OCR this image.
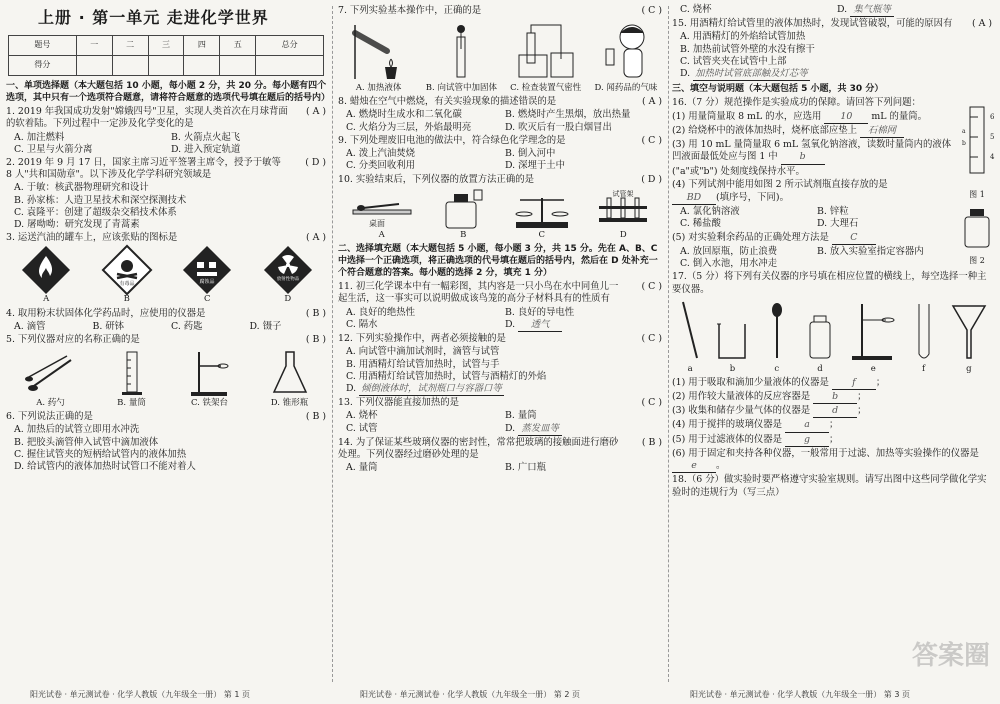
上册 · 第一单元 走进化学世界
题号	一	二	三	四	五	总分
得分						
一、单项选择题（本大题包括 10 小题，每小题 2 分，共 20 分。每小题有四个选项，其中只有一个选项符合题意，请将符合题意的选项代号填在题后的括号内）
1. 2019 年我国成功发射"嫦娥四号"卫星，实现人类首次在月球背面的软着陆。下列过程中一定涉及化学变化的是
( A )
A. 加注燃料	B. 火箭点火起飞
C. 卫星与火箭分离	D. 进入预定轨道
2. 2019 年 9 月 17 日，国家主席习近平签署主席令，授予于敏等 8 人"共和国勋章"。以下涉及化学学科研究领域是
( D )
A. 于敏：核武器物理研究和设计
B. 孙家栋：人造卫星技术和深空探测技术
C. 袁隆平：创建了超级杂交稻技术体系
D. 屠呦呦：研究发现了青蒿素
3. 运送汽油的罐车上，应该张贴的图标是	( A )
A
有毒品
B
腐蚀品
C
放射性物品
D
4. 取用粉末状固体化学药品时，应使用的仪器是	( B )
A. 滴管	B. 研钵	C. 药匙	D. 镊子
5. 下列仪器对应的名称正确的是	( B )
A. 药勺	B. 量筒	C. 铁架台	D. 锥形瓶
6. 下列说法正确的是	( B )
A. 加热后的试管立即用水冲洗
B. 把胶头滴管伸入试管中滴加液体
C. 握住试管夹的短柄给试管内的液体加热
D. 给试管内的液体加热时试管口不能对着人
7. 下列实验基本操作中，正确的是	( C )
A. 加热液体	B. 向试管中加固体 C. 检查装置气密性 D. 闻药品的气味
8. 蜡烛在空气中燃烧，有关实验现象的描述错误的是	( A )
A. 燃烧时生成水和二氧化碳	B. 燃烧时产生黑烟，放出热量
C. 火焰分为三层，外焰最明亮	D. 吹灭后有一股白烟冒出
9. 下列处理废旧电池的做法中，符合绿色化学理念的是	( C )
A. 泼上汽油焚烧	B. 倒入河中
C. 分类回收利用	D. 深埋于土中
10. 实验结束后，下列仪器的放置方法正确的是	( D )
桌面
A	B	C
试管架
D
二、选择填充题（本大题包括 5 小题，每小题 3 分，共 15 分。先在 A、B、C 中选择一个正确选项，将正确选项的代号填在题后的括号内，然后在 D 处补充一个符合题意的答案。每小题的选择 2 分，填充 1 分）
11. 初三化学课本中有一幅彩图，其内容是一只小鸟在水中同鱼儿一起生活，这一事实可以说明做成该鸟笼的高分子材料具有的性质有
( C )
A. 良好的绝热性	B. 良好的导电性
C. 隔水	D. 透气
12. 下列实验操作中，两者必须接触的是	( C )
A. 向试管中滴加试剂时，滴管与试管
B. 用酒精灯给试管加热时，试管与手
C. 用酒精灯给试管加热时，试管与酒精灯的外焰
D. 倾倒液体时，试剂瓶口与容器口等
13. 下列仪器能直接加热的是	( C )
A. 烧杯	B. 量筒
C. 试管	D. 蒸发皿等
14. 为了保证某些玻璃仪器的密封性，常常把玻璃的接触面进行磨砂处理。下列仪器经过磨砂处理的是
( B )
A. 量筒	B. 广口瓶
C. 烧杯	D. 集气瓶等
15. 用酒精灯给试管里的液体加热时，发现试管破裂，可能的原因有 ( A )
A. 用酒精灯的外焰给试管加热
B. 加热前试管外壁的水没有擦干
C. 试管夹夹在试管中上部
D. 加热时试管底部触及灯芯等
三、填空与说明题（本大题包括 5 小题，共 30 分）
16.（7 分）规范操作是实验成功的保障。请回答下列问题：
(1) 用量筒量取 8 mL 的水，应选用 10 mL 的量筒。
(2) 给烧杯中的液体加热时，烧杯底部应垫上 石棉网
(3) 用 10 mL 量筒量取 6 mL 氢氧化钠溶液，读数时量筒内的液体凹液面最低处应与图 1 中 b
("a"或"b") 处刻度线保持水平。
(4) 下列试剂中能用如图 2 所示试剂瓶直接存放的是
BD (填序号，下同)。
A. 氯化钠溶液	B. 锌粒
C. 稀盐酸	D. 大理石
(5) 对实验剩余药品的正确处理方法是 C
A. 放回原瓶，防止浪费	B. 放入实验室指定容器内
C. 倒入水池，用水冲走
6
5
4
a
b
图 1
图 2
17.（5 分）将下列有关仪器的序号填在相应位置的横线上，每空选择一种主要仪器。
a	b	c	d	e	f	g
(1) 用于吸取和滴加少量液体的仪器是 f ；
(2) 用作较大量液体的反应容器是 b ；
(3) 收集和储存少量气体的仪器是 d ；
(4) 用于搅拌的玻璃仪器是 a ；
(5) 用于过滤液体的仪器是 g ；
(6) 用于固定和夹持各种仪器，一般常用于过滤、加热等实验操作的仪器是 e 。
18.（6 分）做实验时要严格遵守实验室规则。请写出图中这些同学做化学实验时的违规行为（写三点）
阳光试卷 · 单元测试卷 · 化学人教版（九年级全一册） 第 1 页	阳光试卷 · 单元测试卷 · 化学人教版（九年级全一册） 第 2 页	阳光试卷 · 单元测试卷 · 化学人教版（九年级全一册） 第 3 页
答案圈
